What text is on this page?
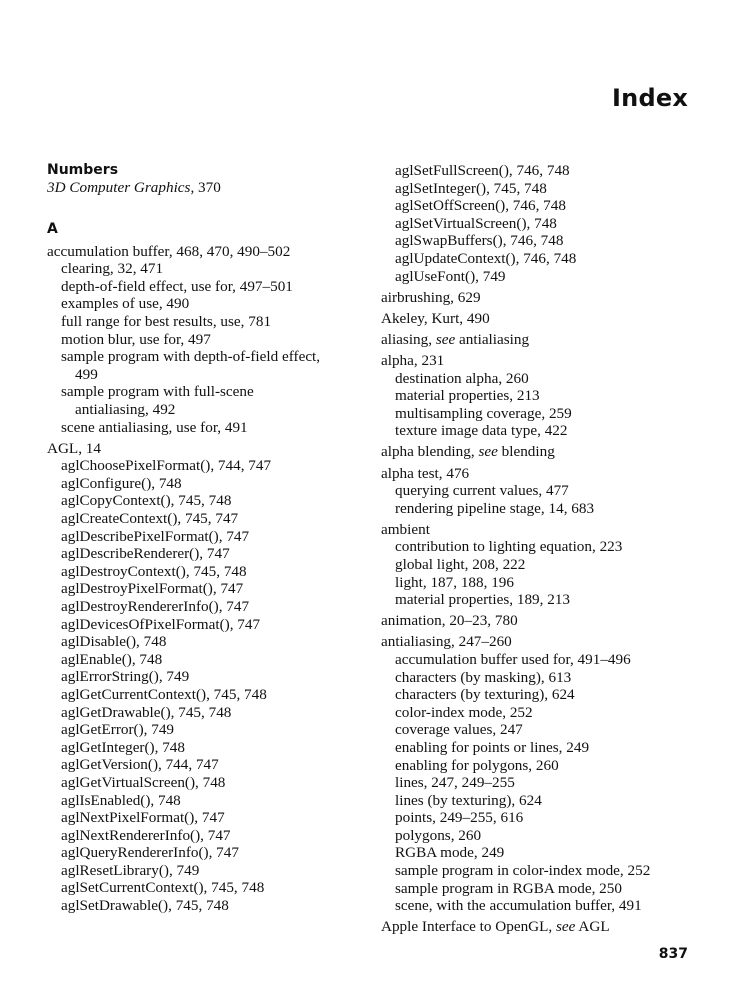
Index
Numbers
3D Computer Graphics, 370
A
accumulation buffer, 468, 470, 490–502
clearing, 32, 471
depth-of-field effect, use for, 497–501
examples of use, 490
full range for best results, use, 781
motion blur, use for, 497
sample program with depth-of-field effect,
499
sample program with full-scene
antialiasing, 492
scene antialiasing, use for, 491
AGL, 14
aglChoosePixelFormat(), 744, 747
aglConfigure(), 748
aglCopyContext(), 745, 748
aglCreateContext(), 745, 747
aglDescribePixelFormat(), 747
aglDescribeRenderer(), 747
aglDestroyContext(), 745, 748
aglDestroyPixelFormat(), 747
aglDestroyRendererInfo(), 747
aglDevicesOfPixelFormat(), 747
aglDisable(), 748
aglEnable(), 748
aglErrorString(), 749
aglGetCurrentContext(), 745, 748
aglGetDrawable(), 745, 748
aglGetError(), 749
aglGetInteger(), 748
aglGetVersion(), 744, 747
aglGetVirtualScreen(), 748
aglIsEnabled(), 748
aglNextPixelFormat(), 747
aglNextRendererInfo(), 747
aglQueryRendererInfo(), 747
aglResetLibrary(), 749
aglSetCurrentContext(), 745, 748
aglSetDrawable(), 745, 748
aglSetFullScreen(), 746, 748
aglSetInteger(), 745, 748
aglSetOffScreen(), 746, 748
aglSetVirtualScreen(), 748
aglSwapBuffers(), 746, 748
aglUpdateContext(), 746, 748
aglUseFont(), 749
airbrushing, 629
Akeley, Kurt, 490
aliasing, see antialiasing
alpha, 231
destination alpha, 260
material properties, 213
multisampling coverage, 259
texture image data type, 422
alpha blending, see blending
alpha test, 476
querying current values, 477
rendering pipeline stage, 14, 683
ambient
contribution to lighting equation, 223
global light, 208, 222
light, 187, 188, 196
material properties, 189, 213
animation, 20–23, 780
antialiasing, 247–260
accumulation buffer used for, 491–496
characters (by masking), 613
characters (by texturing), 624
color-index mode, 252
coverage values, 247
enabling for points or lines, 249
enabling for polygons, 260
lines, 247, 249–255
lines (by texturing), 624
points, 249–255, 616
polygons, 260
RGBA mode, 249
sample program in color-index mode, 252
sample program in RGBA mode, 250
scene, with the accumulation buffer, 491
Apple Interface to OpenGL, see AGL
837
